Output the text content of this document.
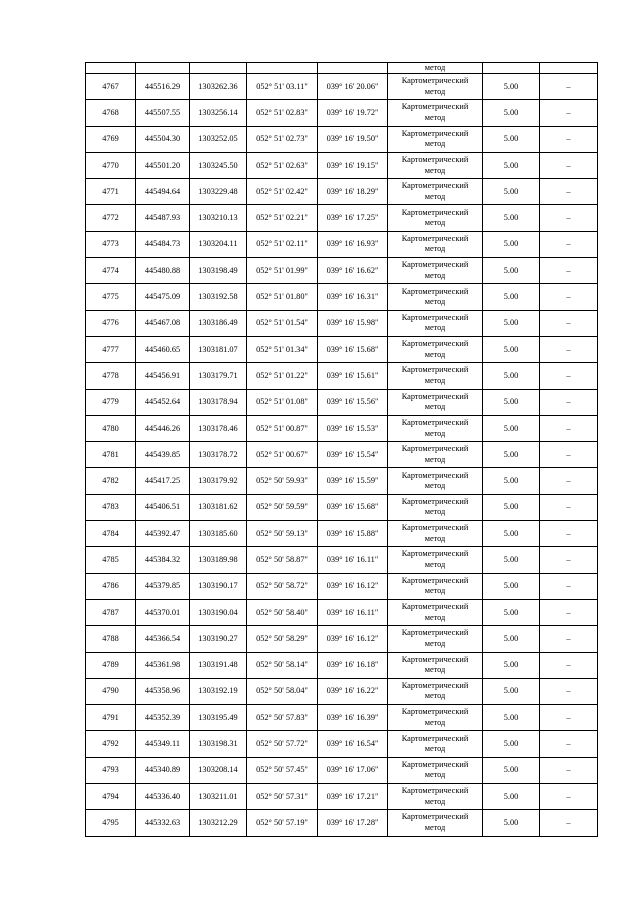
					метод		
4767	445516.29	1303262.36	052° 51' 03.11"	039° 16' 20.06"	Картометрический
метод	5.00	–
4768	445507.55	1303256.14	052° 51' 02.83"	039° 16' 19.72"	Картометрический
метод	5.00	–
4769	445504.30	1303252.05	052° 51' 02.73"	039° 16' 19.50"	Картометрический
метод	5.00	–
4770	445501.20	1303245.50	052° 51' 02.63"	039° 16' 19.15"	Картометрический
метод	5.00	–
4771	445494.64	1303229.48	052° 51' 02.42"	039° 16' 18.29"	Картометрический
метод	5.00	–
4772	445487.93	1303210.13	052° 51' 02.21"	039° 16' 17.25"	Картометрический
метод	5.00	–
4773	445484.73	1303204.11	052° 51' 02.11"	039° 16' 16.93"	Картометрический
метод	5.00	–
4774	445480.88	1303198.49	052° 51' 01.99"	039° 16' 16.62"	Картометрический
метод	5.00	–
4775	445475.09	1303192.58	052° 51' 01.80"	039° 16' 16.31"	Картометрический
метод	5.00	–
4776	445467.08	1303186.49	052° 51' 01.54"	039° 16' 15.98"	Картометрический
метод	5.00	–
4777	445460.65	1303181.07	052° 51' 01.34"	039° 16' 15.68"	Картометрический
метод	5.00	–
4778	445456.91	1303179.71	052° 51' 01.22"	039° 16' 15.61"	Картометрический
метод	5.00	–
4779	445452.64	1303178.94	052° 51' 01.08"	039° 16' 15.56"	Картометрический
метод	5.00	–
4780	445446.26	1303178.46	052° 51' 00.87"	039° 16' 15.53"	Картометрический
метод	5.00	–
4781	445439.85	1303178.72	052° 51' 00.67"	039° 16' 15.54"	Картометрический
метод	5.00	–
4782	445417.25	1303179.92	052° 50' 59.93"	039° 16' 15.59"	Картометрический
метод	5.00	–
4783	445406.51	1303181.62	052° 50' 59.59"	039° 16' 15.68"	Картометрический
метод	5.00	–
4784	445392.47	1303185.60	052° 50' 59.13"	039° 16' 15.88"	Картометрический
метод	5.00	–
4785	445384.32	1303189.98	052° 50' 58.87"	039° 16' 16.11"	Картометрический
метод	5.00	–
4786	445379.85	1303190.17	052° 50' 58.72"	039° 16' 16.12"	Картометрический
метод	5.00	–
4787	445370.01	1303190.04	052° 50' 58.40"	039° 16' 16.11"	Картометрический
метод	5.00	–
4788	445366.54	1303190.27	052° 50' 58.29"	039° 16' 16.12"	Картометрический
метод	5.00	–
4789	445361.98	1303191.48	052° 50' 58.14"	039° 16' 16.18"	Картометрический
метод	5.00	–
4790	445358.96	1303192.19	052° 50' 58.04"	039° 16' 16.22"	Картометрический
метод	5.00	–
4791	445352.39	1303195.49	052° 50' 57.83"	039° 16' 16.39"	Картометрический
метод	5.00	–
4792	445349.11	1303198.31	052° 50' 57.72"	039° 16' 16.54"	Картометрический
метод	5.00	–
4793	445340.89	1303208.14	052° 50' 57.45"	039° 16' 17.06"	Картометрический
метод	5.00	–
4794	445336.40	1303211.01	052° 50' 57.31"	039° 16' 17.21"	Картометрический
метод	5.00	–
4795	445332.63	1303212.29	052° 50' 57.19"	039° 16' 17.28"	Картометрический
метод	5.00	–
